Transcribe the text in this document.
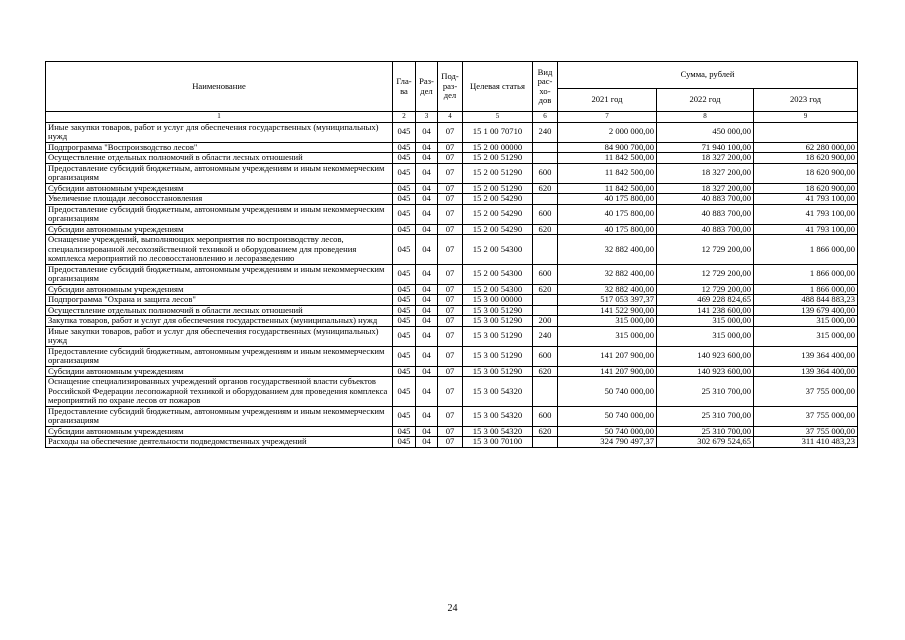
Наименование	Гла-ва	Раз-дел	Под-раз-дел	Целевая статья	Вид рас-хо-дов	Сумма, рублей		
						2021 год	2022 год	2023 год
1	2	3	4	5	6	7	8	9
Иные закупки товаров, работ и услуг для обеспечения государственных (муниципальных) нужд	045	04	07	15 1 00 70710	240	2 000 000,00	450 000,00	
Подпрограмма "Воспроизводство лесов"	045	04	07	15 2 00 00000		84 900 700,00	71 940 100,00	62 280 000,00
Осуществление отдельных полномочий в области лесных отношений	045	04	07	15 2 00 51290		11 842 500,00	18 327 200,00	18 620 900,00
Предоставление субсидий бюджетным, автономным учреждениям и иным некоммерческим организациям	045	04	07	15 2 00 51290	600	11 842 500,00	18 327 200,00	18 620 900,00
Субсидии автономным учреждениям	045	04	07	15 2 00 51290	620	11 842 500,00	18 327 200,00	18 620 900,00
Увеличение площади лесовосстановления	045	04	07	15 2 00 54290		40 175 800,00	40 883 700,00	41 793 100,00
Предоставление субсидий бюджетным, автономным учреждениям и иным некоммерческим организациям	045	04	07	15 2 00 54290	600	40 175 800,00	40 883 700,00	41 793 100,00
Субсидии автономным учреждениям	045	04	07	15 2 00 54290	620	40 175 800,00	40 883 700,00	41 793 100,00
Оснащение учреждений, выполняющих мероприятия по воспроизводству лесов, специализированной лесохозяйственной техникой и оборудованием для проведения комплекса мероприятий по лесовосстановлению и лесоразведению	045	04	07	15 2 00 54300		32 882 400,00	12 729 200,00	1 866 000,00
Предоставление субсидий бюджетным, автономным учреждениям и иным некоммерческим организациям	045	04	07	15 2 00 54300	600	32 882 400,00	12 729 200,00	1 866 000,00
Субсидии автономным учреждениям	045	04	07	15 2 00 54300	620	32 882 400,00	12 729 200,00	1 866 000,00
Подпрограмма "Охрана и защита лесов"	045	04	07	15 3 00 00000		517 053 397,37	469 228 824,65	488 844 883,23
Осуществление отдельных полномочий в области лесных отношений	045	04	07	15 3 00 51290		141 522 900,00	141 238 600,00	139 679 400,00
Закупка товаров, работ и услуг для обеспечения государственных (муниципальных) нужд	045	04	07	15 3 00 51290	200	315 000,00	315 000,00	315 000,00
Иные закупки товаров, работ и услуг для обеспечения государственных (муниципальных) нужд	045	04	07	15 3 00 51290	240	315 000,00	315 000,00	315 000,00
Предоставление субсидий бюджетным, автономным учреждениям и иным некоммерческим организациям	045	04	07	15 3 00 51290	600	141 207 900,00	140 923 600,00	139 364 400,00
Субсидии автономным учреждениям	045	04	07	15 3 00 51290	620	141 207 900,00	140 923 600,00	139 364 400,00
Оснащение специализированных учреждений органов государственной власти субъектов Российской Федерации лесопожарной техникой и оборудованием для проведения комплекса мероприятий по охране лесов от пожаров	045	04	07	15 3 00 54320		50 740 000,00	25 310 700,00	37 755 000,00
Предоставление субсидий бюджетным, автономным учреждениям и иным некоммерческим организациям	045	04	07	15 3 00 54320	600	50 740 000,00	25 310 700,00	37 755 000,00
Субсидии автономным учреждениям	045	04	07	15 3 00 54320	620	50 740 000,00	25 310 700,00	37 755 000,00
Расходы на обеспечение деятельности подведомственных учреждений	045	04	07	15 3 00 70100		324 790 497,37	302 679 524,65	311 410 483,23
24
